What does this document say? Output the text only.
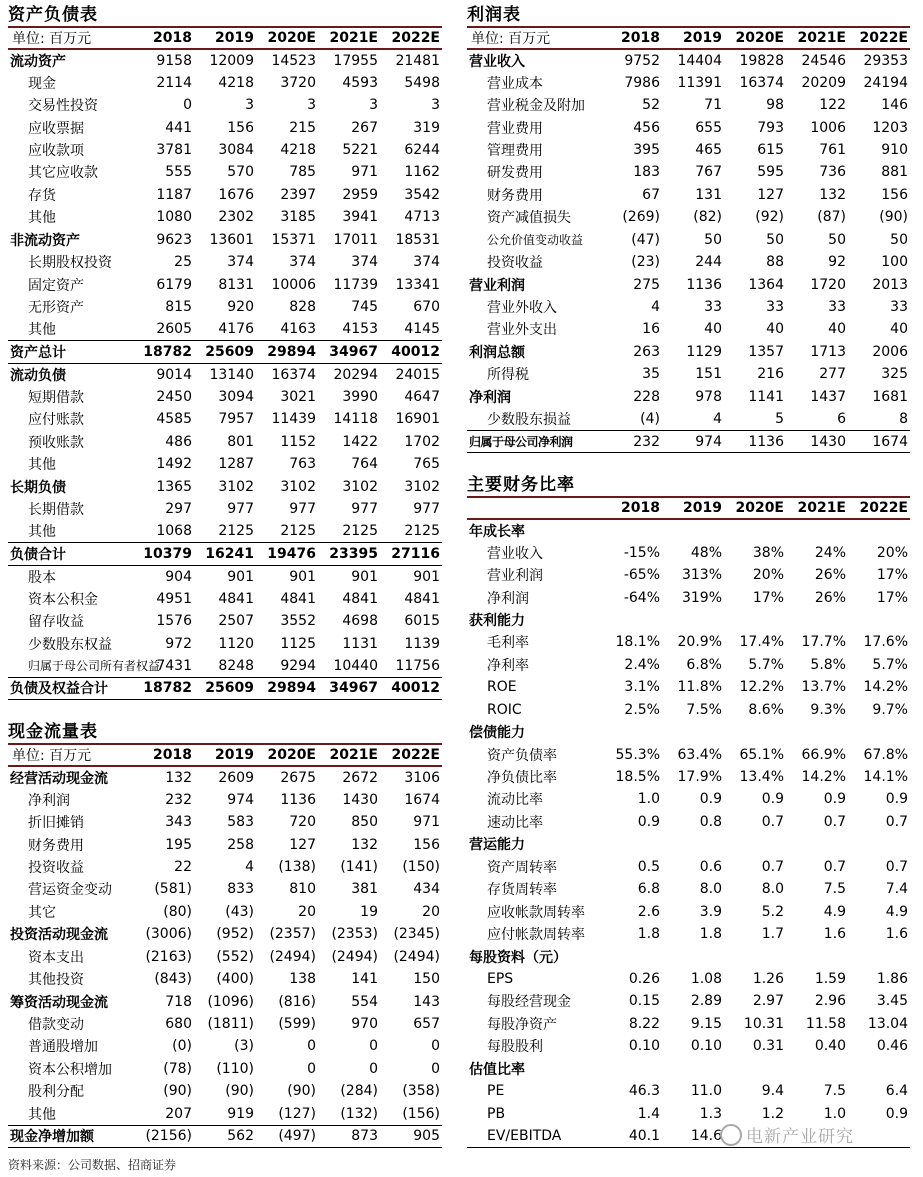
资产负债表
单位: 百万元	2018	2019	2020E	2021E	2022E
流动资产	9158	12009	14523	17955	21481
现金	2114	4218	3720	4593	5498
交易性投资	0	3	3	3	3
应收票据	441	156	215	267	319
应收款项	3781	3084	4218	5221	6244
其它应收款	555	570	785	971	1162
存货	1187	1676	2397	2959	3542
其他	1080	2302	3185	3941	4713
非流动资产	9623	13601	15371	17011	18531
长期股权投资	25	374	374	374	374
固定资产	6179	8131	10006	11739	13341
无形资产	815	920	828	745	670
其他	2605	4176	4163	4153	4145
资产总计	18782	25609	29894	34967	40012
流动负债	9014	13140	16374	20294	24015
短期借款	2450	3094	3021	3990	4647
应付账款	4585	7957	11439	14118	16901
预收账款	486	801	1152	1422	1702
其他	1492	1287	763	764	765
长期负债	1365	3102	3102	3102	3102
长期借款	297	977	977	977	977
其他	1068	2125	2125	2125	2125
负债合计	10379	16241	19476	23395	27116
股本	904	901	901	901	901
资本公积金	4951	4841	4841	4841	4841
留存收益	1576	2507	3552	4698	6015
少数股东权益	972	1120	1125	1131	1139
归属于母公司所有者权益	7431	8248	9294	10440	11756
负债及权益合计	18782	25609	29894	34967	40012
现金流量表
单位: 百万元	2018	2019	2020E	2021E	2022E
经营活动现金流	132	2609	2675	2672	3106
净利润	232	974	1136	1430	1674
折旧摊销	343	583	720	850	971
财务费用	195	258	127	132	156
投资收益	22	4	(138)	(141)	(150)
营运资金变动	(581)	833	810	381	434
其它	(80)	(43)	20	19	20
投资活动现金流	(3006)	(952)	(2357)	(2353)	(2345)
资本支出	(2163)	(552)	(2494)	(2494)	(2494)
其他投资	(843)	(400)	138	141	150
筹资活动现金流	718	(1096)	(816)	554	143
借款变动	680	(1811)	(599)	970	657
普通股增加	(0)	(3)	0	0	0
资本公积增加	(78)	(110)	0	0	0
股利分配	(90)	(90)	(90)	(284)	(358)
其他	207	919	(127)	(132)	(156)
现金净增加额	(2156)	562	(497)	873	905
利润表
单位: 百万元	2018	2019	2020E	2021E	2022E
营业收入	9752	14404	19828	24546	29353
营业成本	7986	11391	16374	20209	24194
营业税金及附加	52	71	98	122	146
营业费用	456	655	793	1006	1203
管理费用	395	465	615	761	910
研发费用	183	767	595	736	881
财务费用	67	131	127	132	156
资产减值损失	(269)	(82)	(92)	(87)	(90)
公允价值变动收益	(47)	50	50	50	50
投资收益	(23)	244	88	92	100
营业利润	275	1136	1364	1720	2013
营业外收入	4	33	33	33	33
营业外支出	16	40	40	40	40
利润总额	263	1129	1357	1713	2006
所得税	35	151	216	277	325
净利润	228	978	1141	1437	1681
少数股东损益	(4)	4	5	6	8
归属于母公司净利润	232	974	1136	1430	1674
主要财务比率
	2018	2019	2020E	2021E	2022E
年成长率					
营业收入	-15%	48%	38%	24%	20%
营业利润	-65%	313%	20%	26%	17%
净利润	-64%	319%	17%	26%	17%
获利能力					
毛利率	18.1%	20.9%	17.4%	17.7%	17.6%
净利率	2.4%	6.8%	5.7%	5.8%	5.7%
ROE	3.1%	11.8%	12.2%	13.7%	14.2%
ROIC	2.5%	7.5%	8.6%	9.3%	9.7%
偿债能力					
资产负债率	55.3%	63.4%	65.1%	66.9%	67.8%
净负债比率	18.5%	17.9%	13.4%	14.2%	14.1%
流动比率	1.0	0.9	0.9	0.9	0.9
速动比率	0.9	0.8	0.7	0.7	0.7
营运能力					
资产周转率	0.5	0.6	0.7	0.7	0.7
存货周转率	6.8	8.0	8.0	7.5	7.4
应收帐款周转率	2.6	3.9	5.2	4.9	4.9
应付帐款周转率	1.8	1.8	1.7	1.6	1.6
每股资料（元）					
EPS	0.26	1.08	1.26	1.59	1.86
每股经营现金	0.15	2.89	2.97	2.96	3.45
每股净资产	8.22	9.15	10.31	11.58	13.04
每股股利	0.10	0.10	0.31	0.40	0.46
估值比率					
PE	46.3	11.0	9.4	7.5	6.4
PB	1.4	1.3	1.2	1.0	0.9
EV/EBITDA	40.1	14.6			
资料来源：公司数据、招商证券
电新产业研究
